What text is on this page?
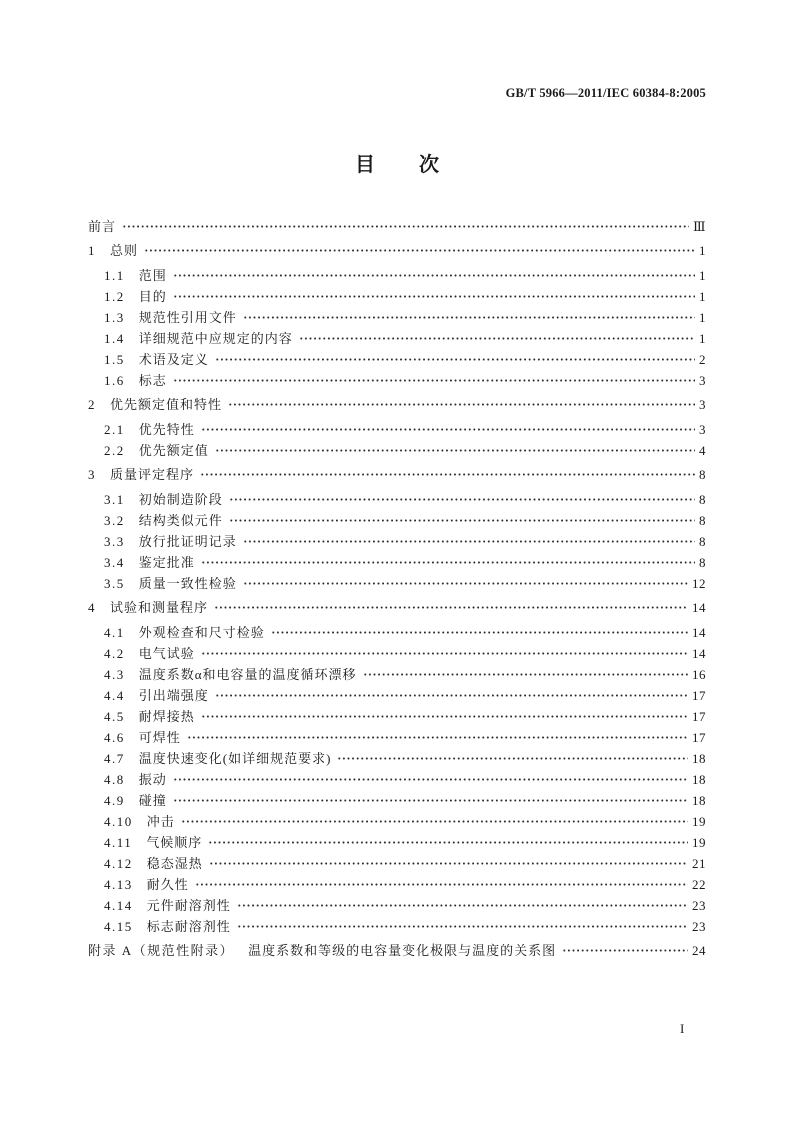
GB/T 5966—2011/IEC 60384-8:2005
目次
前言	Ⅲ
1 总则	1
1.1 范围	1
1.2 目的	1
1.3 规范性引用文件	1
1.4 详细规范中应规定的内容	1
1.5 术语及定义	2
1.6 标志	3
2 优先额定值和特性	3
2.1 优先特性	3
2.2 优先额定值	4
3 质量评定程序	8
3.1 初始制造阶段	8
3.2 结构类似元件	8
3.3 放行批证明记录	8
3.4 鉴定批准	8
3.5 质量一致性检验	12
4 试验和测量程序	14
4.1 外观检查和尺寸检验	14
4.2 电气试验	14
4.3 温度系数α和电容量的温度循环漂移	16
4.4 引出端强度	17
4.5 耐焊接热	17
4.6 可焊性	17
4.7 温度快速变化(如详细规范要求)	18
4.8 振动	18
4.9 碰撞	18
4.10 冲击	19
4.11 气候顺序	19
4.12 稳态湿热	21
4.13 耐久性	22
4.14 元件耐溶剂性	23
4.15 标志耐溶剂性	23
附录 A（规范性附录） 温度系数和等级的电容量变化极限与温度的关系图	24
I
